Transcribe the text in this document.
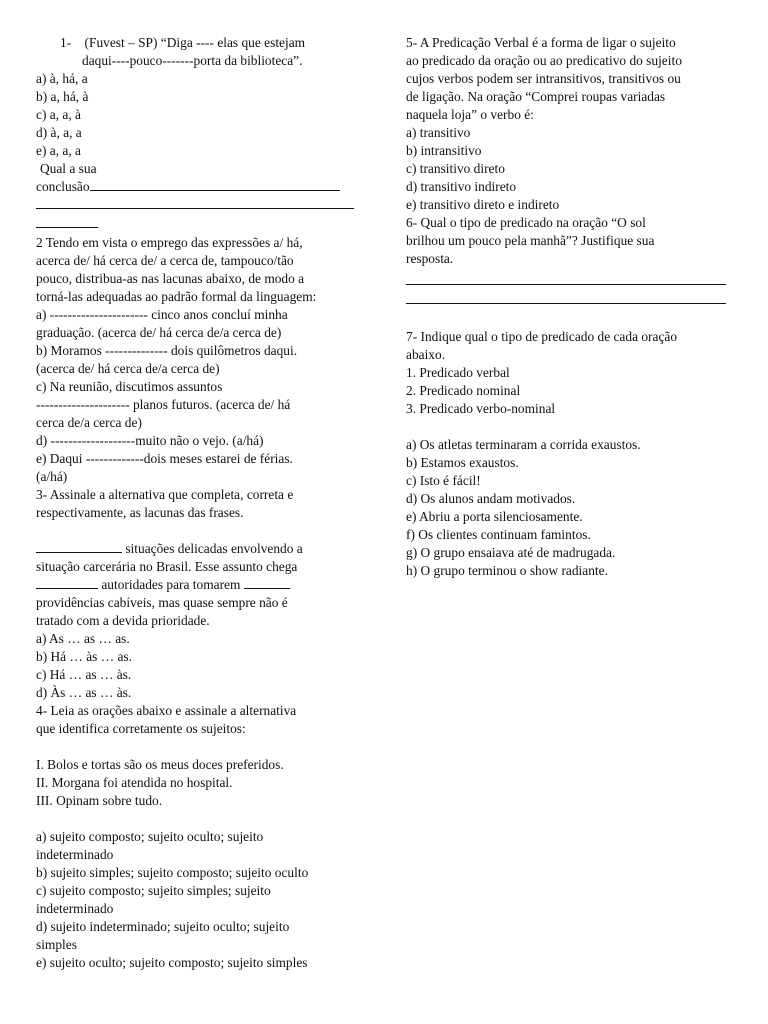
1- (Fuvest – SP) “Diga ---- elas que estejam
daqui----pouco-------porta da biblioteca”.
a) à, há, a
b) a, há, à
c) a, a, à
d) à, a, a
e) a, a, a
Qual a sua
conclusão
2 Tendo em vista o emprego das expressões a/ há,
acerca de/ há cerca de/ a cerca de, tampouco/tão
pouco, distribua-as nas lacunas abaixo, de modo a
torná-las adequadas ao padrão formal da linguagem:
a) ---------------------- cinco anos concluí minha
graduação. (acerca de/ há cerca de/a cerca de)
b) Moramos -------------- dois quilômetros daqui.
(acerca de/ há cerca de/a cerca de)
c) Na reunião, discutimos assuntos
--------------------- planos futuros. (acerca de/ há
cerca de/a cerca de)
d) -------------------muito não o vejo. (a/há)
e) Daqui -------------dois meses estarei de férias.
(a/há)
3- Assinale a alternativa que completa, correta e
respectivamente, as lacunas das frases.
situações delicadas envolvendo a
situação carcerária no Brasil. Esse assunto chega
autoridades para tomarem
providências cabíveis, mas quase sempre não é
tratado com a devida prioridade.
a) As … as … as.
b) Há … às … as.
c) Há … as … às.
d) Às … as … às.
4- Leia as orações abaixo e assinale a alternativa
que identifica corretamente os sujeitos:
I. Bolos e tortas são os meus doces preferidos.
II. Morgana foi atendida no hospital.
III. Opinam sobre tudo.
a) sujeito composto; sujeito oculto; sujeito
indeterminado
b) sujeito simples; sujeito composto; sujeito oculto
c) sujeito composto; sujeito simples; sujeito
indeterminado
d) sujeito indeterminado; sujeito oculto; sujeito
simples
e) sujeito oculto; sujeito composto; sujeito simples
5- A Predicação Verbal é a forma de ligar o sujeito
ao predicado da oração ou ao predicativo do sujeito
cujos verbos podem ser intransitivos, transitivos ou
de ligação. Na oração “Comprei roupas variadas
naquela loja” o verbo é:
a) transitivo
b) intransitivo
c) transitivo direto
d) transitivo indireto
e) transitivo direto e indireto
6- Qual o tipo de predicado na oração “O sol
brilhou um pouco pela manhã”? Justifique sua
resposta.
7- Indique qual o tipo de predicado de cada oração
abaixo.
1. Predicado verbal
2. Predicado nominal
3. Predicado verbo-nominal
a) Os atletas terminaram a corrida exaustos.
b) Estamos exaustos.
c) Isto é fácil!
d) Os alunos andam motivados.
e) Abriu a porta silenciosamente.
f) Os clientes continuam famintos.
g) O grupo ensaiava até de madrugada.
h) O grupo terminou o show radiante.
